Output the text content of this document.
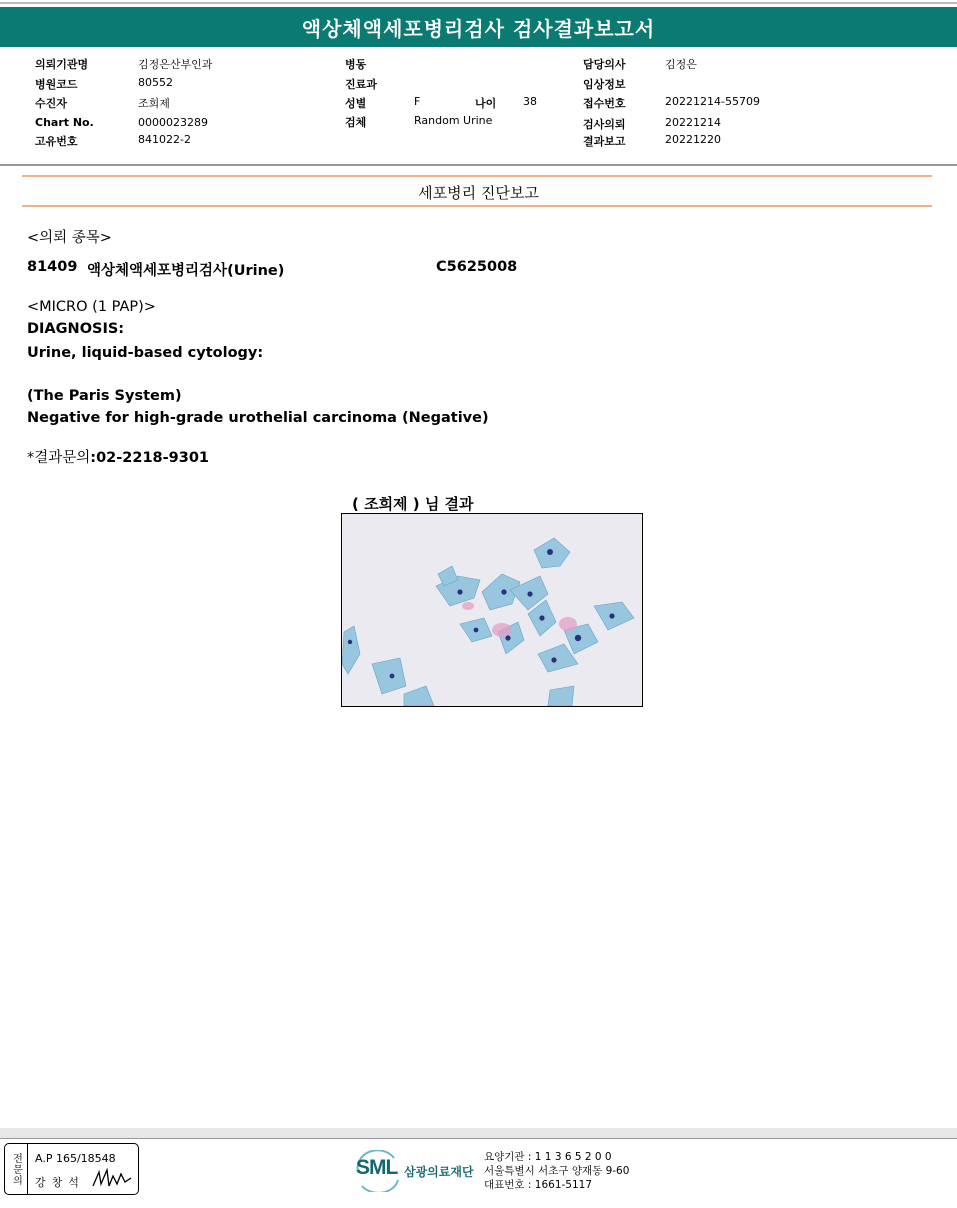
액상체액세포병리검사 검사결과보고서
의뢰기관명	김정은산부인과
병원코드	80552
수진자	조희제
Chart No.	0000023289
고유번호	841022-2
병동
진료과
성별	F	나이 38
검체	Random Urine
담당의사	김정은
임상정보
접수번호	20221214-55709
검사의뢰	20221214
결과보고	20221220
세포병리 진단보고
<의뢰 종목>
81409 액상체액세포병리검사(Urine)	C5625008
<MICRO (1 PAP)>
DIAGNOSIS:
Urine, liquid-based cytology:
(The Paris System)
Negative for high-grade urothelial carcinoma (Negative)
*결과문의:02-2218-9301
( 조희제 ) 님 결과
전문의	A.P 165/18548
강창석
SML 삼광의료재단
요양기관 : 1 1 3 6 5 2 0 0
서울특별시 서초구 양재동 9-60
대표번호 : 1661-5117
